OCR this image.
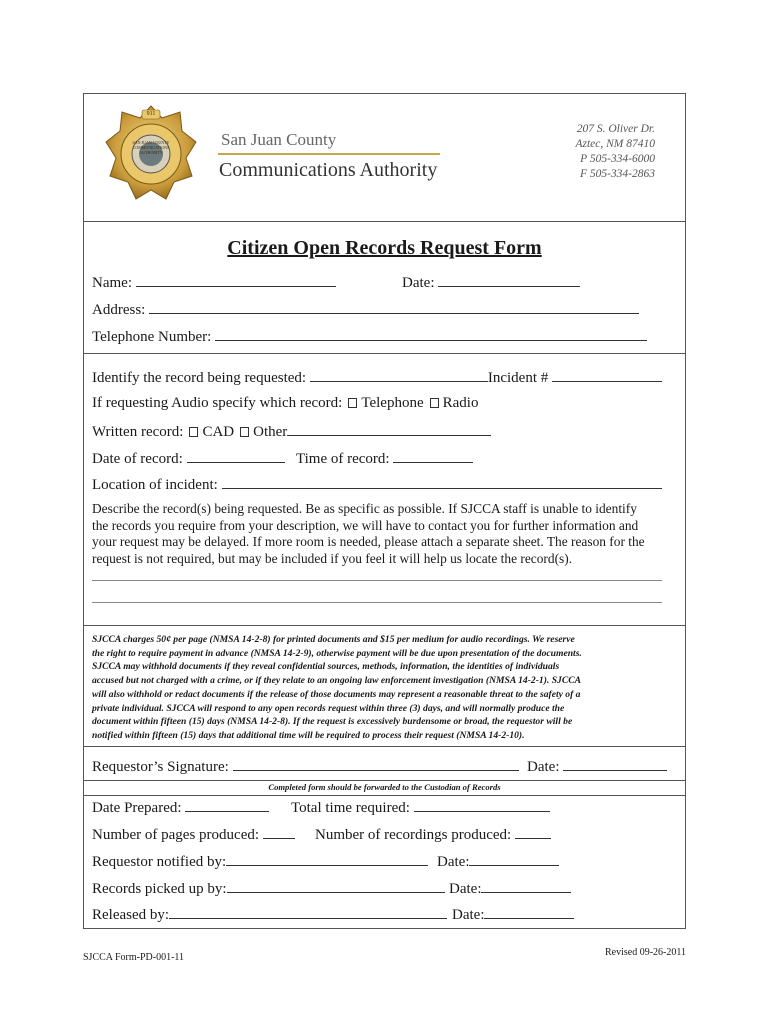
911
SAN JUAN COUNTY COMMUNICATIONS AUTHORITY
San Juan County
Communications Authority
207 S. Oliver Dr.
Aztec, NM 87410
P 505-334-6000
F 505-334-2863
Citizen Open Records Request Form
Name:	Date:
Address:
Telephone Number:
Identify the record being requested:	Incident #
If requesting Audio specify which record: Telephone Radio
Written record: CAD Other
Date of record:	Time of record:
Location of incident:
Describe the record(s) being requested. Be as specific as possible. If SJCCA staff is unable to identify
the records you require from your description, we will have to contact you for further information and
your request may be delayed. If more room is needed, please attach a separate sheet. The reason for the
request is not required, but may be included if you feel it will help us locate the record(s).
SJCCA charges 50¢ per page (NMSA 14-2-8) for printed documents and $15 per medium for audio recordings. We reserve
the right to require payment in advance (NMSA 14-2-9), otherwise payment will be due upon presentation of the documents.
SJCCA may withhold documents if they reveal confidential sources, methods, information, the identities of individuals
accused but not charged with a crime, or if they relate to an ongoing law enforcement investigation (NMSA 14-2-1). SJCCA
will also withhold or redact documents if the release of those documents may represent a reasonable threat to the safety of a
private individual. SJCCA will respond to any open records request within three (3) days, and will normally produce the
document within fifteen (15) days (NMSA 14-2-8). If the request is excessively burdensome or broad, the requestor will be
notified within fifteen (15) days that additional time will be required to process their request (NMSA 14-2-10).
Requestor’s Signature:	Date:
Completed form should be forwarded to the Custodian of Records
Date Prepared:	Total time required:
Number of pages produced:	Number of recordings produced:
Requestor notified by:	Date:
Records picked up by:	Date:
Released by:	Date:
SJCCA Form-PD-001-11	Revised 09-26-2011
